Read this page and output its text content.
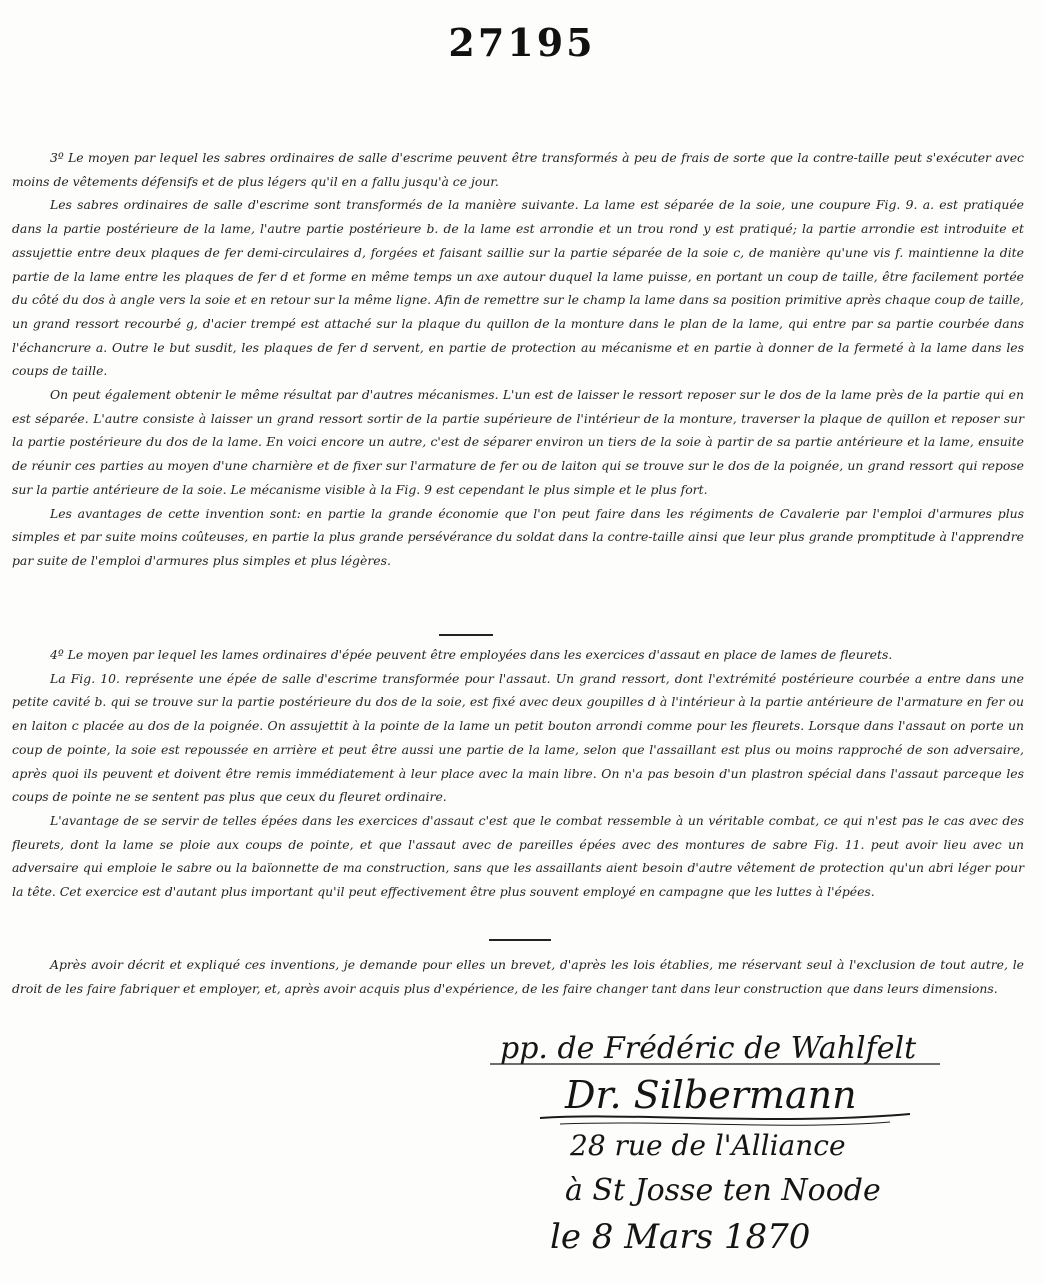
27195

3º Le moyen par lequel les sabres ordinaires de salle d'escrime peuvent être transformés à peu de frais de sorte que la contre-taille peut s'exécuter avec moins de vêtements défensifs et de plus légers qu'il en a fallu jusqu'à ce jour.

Les sabres ordinaires de salle d'escrime sont transformés de la manière suivante. La lame est séparée de la soie, une coupure Fig. 9. a. est pratiquée dans la partie postérieure de la lame, l'autre partie postérieure b. de la lame est arrondie et un trou rond y est pratiqué; la partie arrondie est introduite et assujettie entre deux plaques de fer demi-circulaires d, forgées et faisant saillie sur la partie séparée de la soie c, de manière qu'une vis f. maintienne la dite partie de la lame entre les plaques de fer d et forme en même temps un axe autour duquel la lame puisse, en portant un coup de taille, être facilement portée du côté du dos à angle vers la soie et en retour sur la même ligne. Afin de remettre sur le champ la lame dans sa position primitive après chaque coup de taille, un grand ressort recourbé g, d'acier trempé est attaché sur la plaque du quillon de la monture dans le plan de la lame, qui entre par sa partie courbée dans l'échancrure a. Outre le but susdit, les plaques de fer d servent, en partie de protection au mécanisme et en partie à donner de la fermeté à la lame dans les coups de taille.

On peut également obtenir le même résultat par d'autres mécanismes. L'un est de laisser le ressort reposer sur le dos de la lame près de la partie qui en est séparée. L'autre consiste à laisser un grand ressort sortir de la partie supérieure de l'intérieur de la monture, traverser la plaque de quillon et reposer sur la partie postérieure du dos de la lame. En voici encore un autre, c'est de séparer environ un tiers de la soie à partir de sa partie antérieure et la lame, ensuite de réunir ces parties au moyen d'une charnière et de fixer sur l'armature de fer ou de laiton qui se trouve sur le dos de la poignée, un grand ressort qui repose sur la partie antérieure de la soie. Le mécanisme visible à la Fig. 9 est cependant le plus simple et le plus fort.

Les avantages de cette invention sont: en partie la grande économie que l'on peut faire dans les régiments de Cavalerie par l'emploi d'armures plus simples et par suite moins coûteuses, en partie la plus grande persévérance du soldat dans la contre-taille ainsi que leur plus grande promptitude à l'apprendre par suite de l'emploi d'armures plus simples et plus légères.

4º Le moyen par lequel les lames ordinaires d'épée peuvent être employées dans les exercices d'assaut en place de lames de fleurets.

La Fig. 10. représente une épée de salle d'escrime transformée pour l'assaut. Un grand ressort, dont l'extrémité postérieure courbée a entre dans une petite cavité b. qui se trouve sur la partie postérieure du dos de la soie, est fixé avec deux goupilles d à l'intérieur à la partie antérieure de l'armature en fer ou en laiton c placée au dos de la poignée. On assujettit à la pointe de la lame un petit bouton arrondi comme pour les fleurets. Lorsque dans l'assaut on porte un coup de pointe, la soie est repoussée en arrière et peut être aussi une partie de la lame, selon que l'assaillant est plus ou moins rapproché de son adversaire, après quoi ils peuvent et doivent être remis immédiatement à leur place avec la main libre. On n'a pas besoin d'un plastron spécial dans l'assaut parceque les coups de pointe ne se sentent pas plus que ceux du fleuret ordinaire.

L'avantage de se servir de telles épées dans les exercices d'assaut c'est que le combat ressemble à un véritable combat, ce qui n'est pas le cas avec des fleurets, dont la lame se ploie aux coups de pointe, et que l'assaut avec de pareilles épées avec des montures de sabre Fig. 11. peut avoir lieu avec un adversaire qui emploie le sabre ou la baïonnette de ma construction, sans que les assaillants aient besoin d'autre vêtement de protection qu'un abri léger pour la tête. Cet exercice est d'autant plus important qu'il peut effectivement être plus souvent employé en campagne que les luttes à l'épées.

Après avoir décrit et expliqué ces inventions, je demande pour elles un brevet, d'après les lois établies, me réservant seul à l'exclusion de tout autre, le droit de les faire fabriquer et employer, et, après avoir acquis plus d'expérience, de les faire changer tant dans leur construction que dans leurs dimensions.

pp. de Frédéric de Wahlfelt
Dr. Silbermann
28 rue de l'Alliance
à St Josse ten Noode
le 8 Mars 1870
